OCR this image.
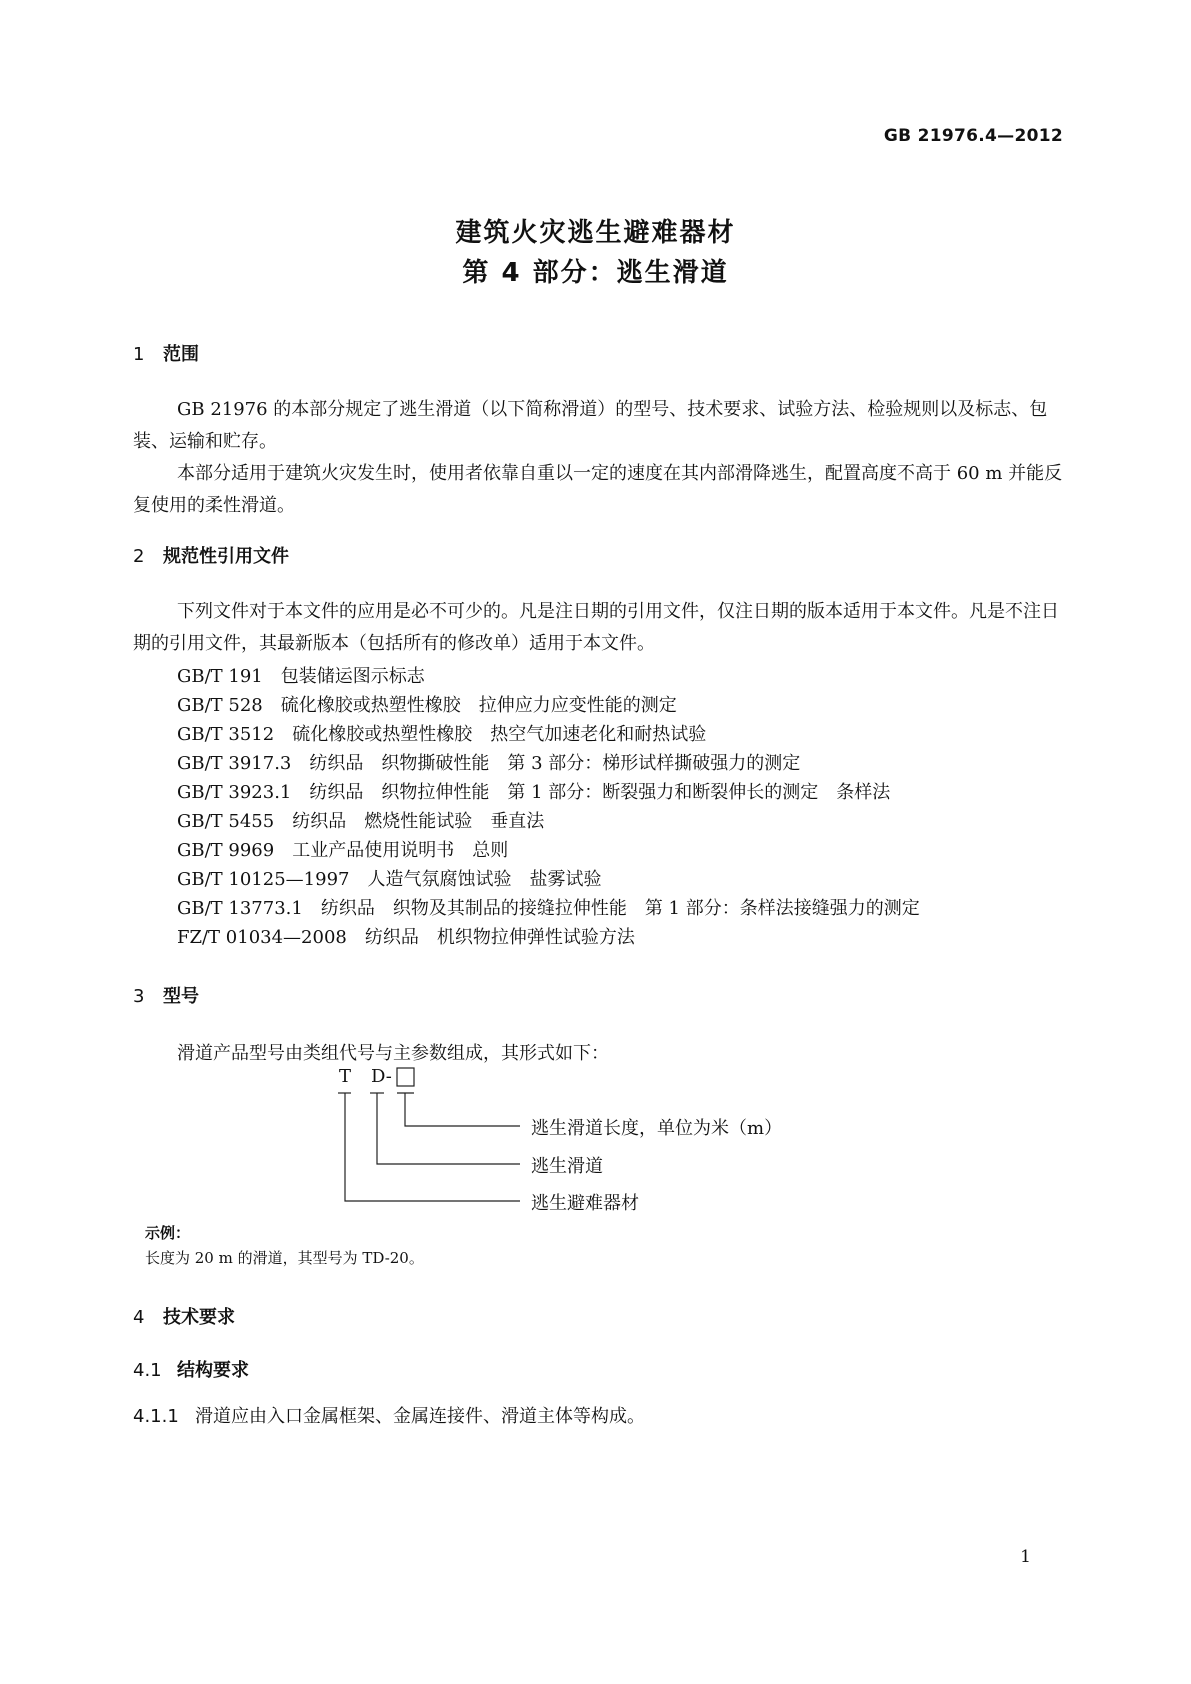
GB 21976.4—2012
建筑火灾逃生避难器材
第 4 部分：逃生滑道
1 范围
GB 21976 的本部分规定了逃生滑道（以下简称滑道）的型号、技术要求、试验方法、检验规则以及标志、包装、运输和贮存。
本部分适用于建筑火灾发生时，使用者依靠自重以一定的速度在其内部滑降逃生，配置高度不高于 60 m 并能反复使用的柔性滑道。
2 规范性引用文件
下列文件对于本文件的应用是必不可少的。凡是注日期的引用文件，仅注日期的版本适用于本文件。凡是不注日期的引用文件，其最新版本（包括所有的修改单）适用于本文件。
GB/T 191　包装储运图示标志
GB/T 528　硫化橡胶或热塑性橡胶　拉伸应力应变性能的测定
GB/T 3512　硫化橡胶或热塑性橡胶　热空气加速老化和耐热试验
GB/T 3917.3　纺织品　织物撕破性能　第 3 部分：梯形试样撕破强力的测定
GB/T 3923.1　纺织品　织物拉伸性能　第 1 部分：断裂强力和断裂伸长的测定　条样法
GB/T 5455　纺织品　燃烧性能试验　垂直法
GB/T 9969　工业产品使用说明书　总则
GB/T 10125—1997　人造气氛腐蚀试验　盐雾试验
GB/T 13773.1　纺织品　织物及其制品的接缝拉伸性能　第 1 部分：条样法接缝强力的测定
FZ/T 01034—2008　纺织品　机织物拉伸弹性试验方法
3 型号
滑道产品型号由类组代号与主参数组成，其形式如下：
T D-
逃生滑道长度，单位为米（m）
逃生滑道
逃生避难器材
示例：
长度为 20 m 的滑道，其型号为 TD-20。
4 技术要求
4.1 结构要求
4.1.1 滑道应由入口金属框架、金属连接件、滑道主体等构成。
1
